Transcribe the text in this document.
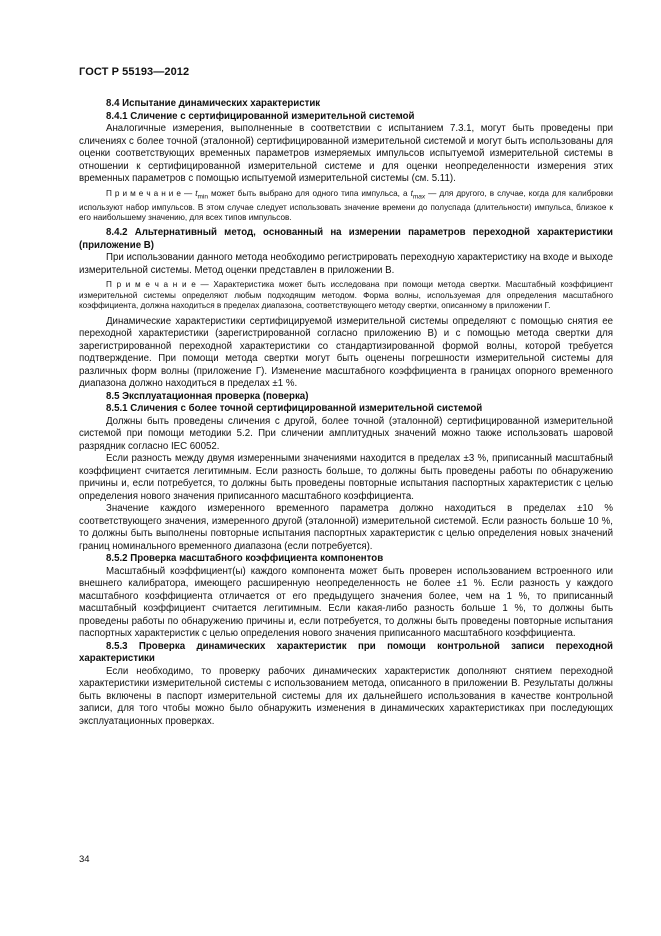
ГОСТ Р 55193—2012

8.4 Испытание динамических характеристик

8.4.1 Сличение с сертифицированной измерительной системой

Аналогичные измерения, выполненные в соответствии с испытанием 7.3.1, могут быть проведены при сличениях с более точной (эталонной) сертифицированной измерительной системой и могут быть использованы для оценки соответствующих временных параметров измеряемых импульсов испытуемой измерительной системы в отношении к сертифицированной измерительной системе и для оценки неопределенности измерения этих временных параметров с помощью испытуемой измерительной системы (см. 5.11).

П р и м е ч а н и е — $t_{min}$ может быть выбрано для одного типа импульса, а $t_{max}$ — для другого, в случае, когда для калибровки используют набор импульсов. В этом случае следует использовать значение времени до полуспада (длительности) импульса, близкое к его наибольшему значению, для всех типов импульсов.

8.4.2 Альтернативный метод, основанный на измерении параметров переходной характеристики (приложение В)

При использовании данного метода необходимо регистрировать переходную характеристику на входе и выходе измерительной системы. Метод оценки представлен в приложении В.

П р и м е ч а н и е — Характеристика может быть исследована при помощи метода свертки. Масштабный коэффициент измерительной системы определяют любым подходящим методом. Форма волны, используемая для определения масштабного коэффициента, должна находиться в пределах диапазона, соответствующего методу свертки, описанному в приложении Г.

Динамические характеристики сертифицируемой измерительной системы определяют с помощью снятия ее переходной характеристики (зарегистрированной согласно приложению В) и с помощью метода свертки для зарегистрированной переходной характеристики со стандартизированной формой волны, которой требуется подтверждение. При помощи метода свертки могут быть оценены погрешности измерительной системы для различных форм волны (приложение Г). Изменение масштабного коэффициента в границах опорного временного диапазона должно находиться в пределах ±1 %.

8.5 Эксплуатационная проверка (поверка)

8.5.1 Сличения с более точной сертифицированной измерительной системой

Должны быть проведены сличения с другой, более точной (эталонной) сертифицированной измерительной системой при помощи методики 5.2. При сличении амплитудных значений можно также использовать шаровой разрядник согласно IEC 60052.

Если разность между двумя измеренными значениями находится в пределах ±3 %, приписанный масштабный коэффициент считается легитимным. Если разность больше, то должны быть проведены работы по обнаружению причины и, если потребуется, то должны быть проведены повторные испытания паспортных характеристик с целью определения нового значения приписанного масштабного коэффициента.

Значение каждого измеренного временного параметра должно находиться в пределах ±10 % соответствующего значения, измеренного другой (эталонной) измерительной системой. Если разность больше 10 %, то должны быть выполнены повторные испытания паспортных характеристик с целью определения новых значений границ номинального временного диапазона (если потребуется).

8.5.2 Проверка масштабного коэффициента компонентов

Масштабный коэффициент(ы) каждого компонента может быть проверен использованием встроенного или внешнего калибратора, имеющего расширенную неопределенность не более ±1 %. Если разность у каждого масштабного коэффициента отличается от его предыдущего значения более, чем на 1 %, то приписанный масштабный коэффициент считается легитимным. Если какая-либо разность больше 1 %, то должны быть проведены работы по обнаружению причины и, если потребуется, то должны быть проведены повторные испытания паспортных характеристик с целью определения нового значения приписанного масштабного коэффициента.

8.5.3 Проверка динамических характеристик при помощи контрольной записи переходной характеристики

Если необходимо, то проверку рабочих динамических характеристик дополняют снятием переходной характеристики измерительной системы с использованием метода, описанного в приложении В. Результаты должны быть включены в паспорт измерительной системы для их дальнейшего использования в качестве контрольной записи, для того чтобы можно было обнаружить изменения в динамических характеристиках при последующих эксплуатационных проверках.

34
